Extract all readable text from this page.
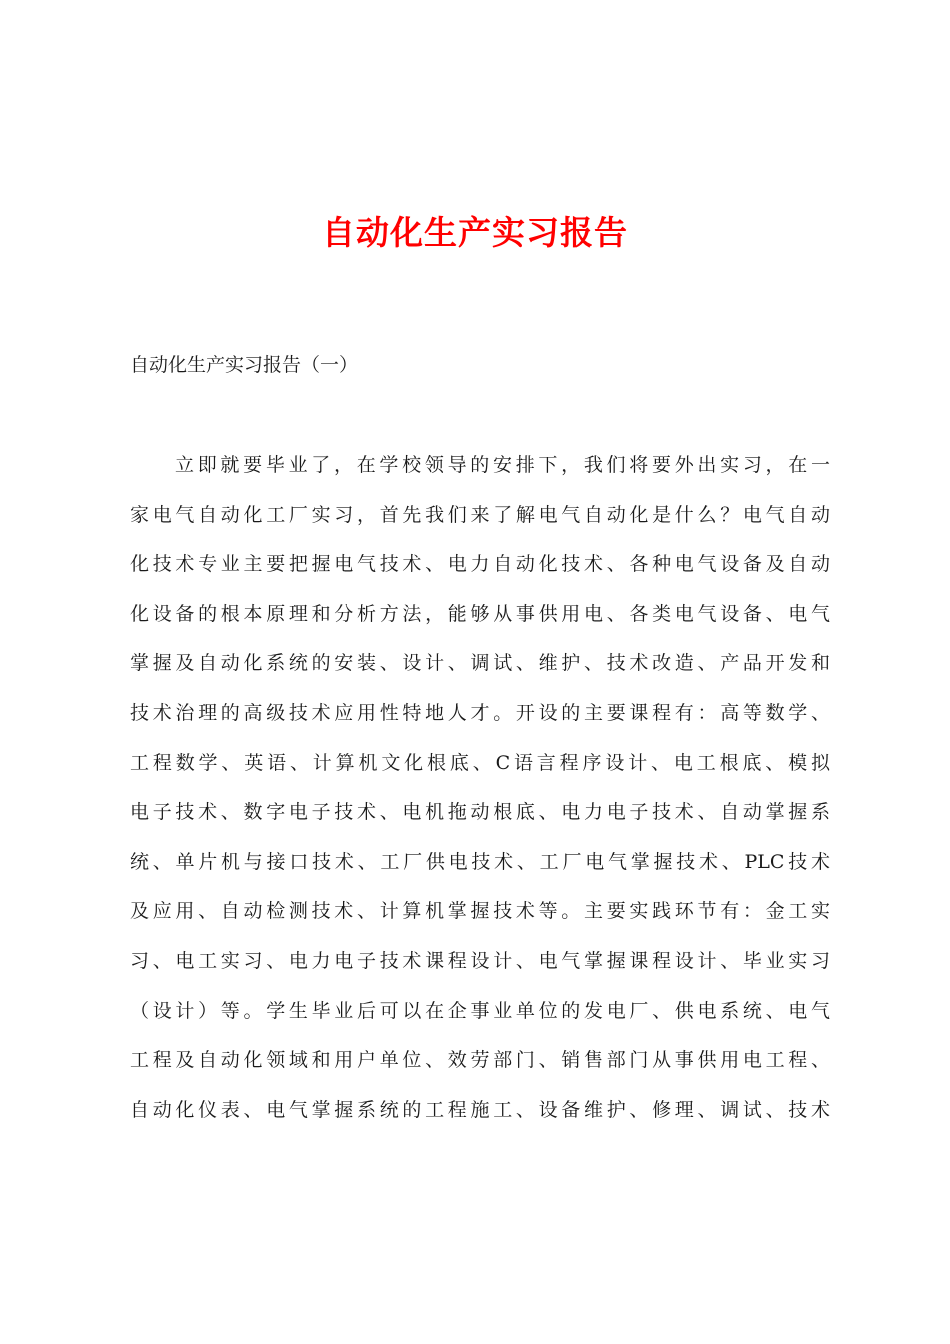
自动化生产实习报告
自动化生产实习报告（一）
立即就要毕业了，在学校领导的安排下，我们将要外出实习，在一
家电气自动化工厂实习，首先我们来了解电气自动化是什么？电气自动
化技术专业主要把握电气技术、电力自动化技术、各种电气设备及自动
化设备的根本原理和分析方法，能够从事供用电、各类电气设备、电气
掌握及自动化系统的安装、设计、调试、维护、技术改造、产品开发和
技术治理的高级技术应用性特地人才。开设的主要课程有：高等数学、
工程数学、英语、计算机文化根底、C语言程序设计、电工根底、模拟
电子技术、数字电子技术、电机拖动根底、电力电子技术、自动掌握系
统、单片机与接口技术、工厂供电技术、工厂电气掌握技术、PLC技术
及应用、自动检测技术、计算机掌握技术等。主要实践环节有：金工实
习、电工实习、电力电子技术课程设计、电气掌握课程设计、毕业实习
（设计）等。学生毕业后可以在企事业单位的发电厂、供电系统、电气
工程及自动化领域和用户单位、效劳部门、销售部门从事供用电工程、
自动化仪表、电气掌握系统的工程施工、设备维护、修理、调试、技术
